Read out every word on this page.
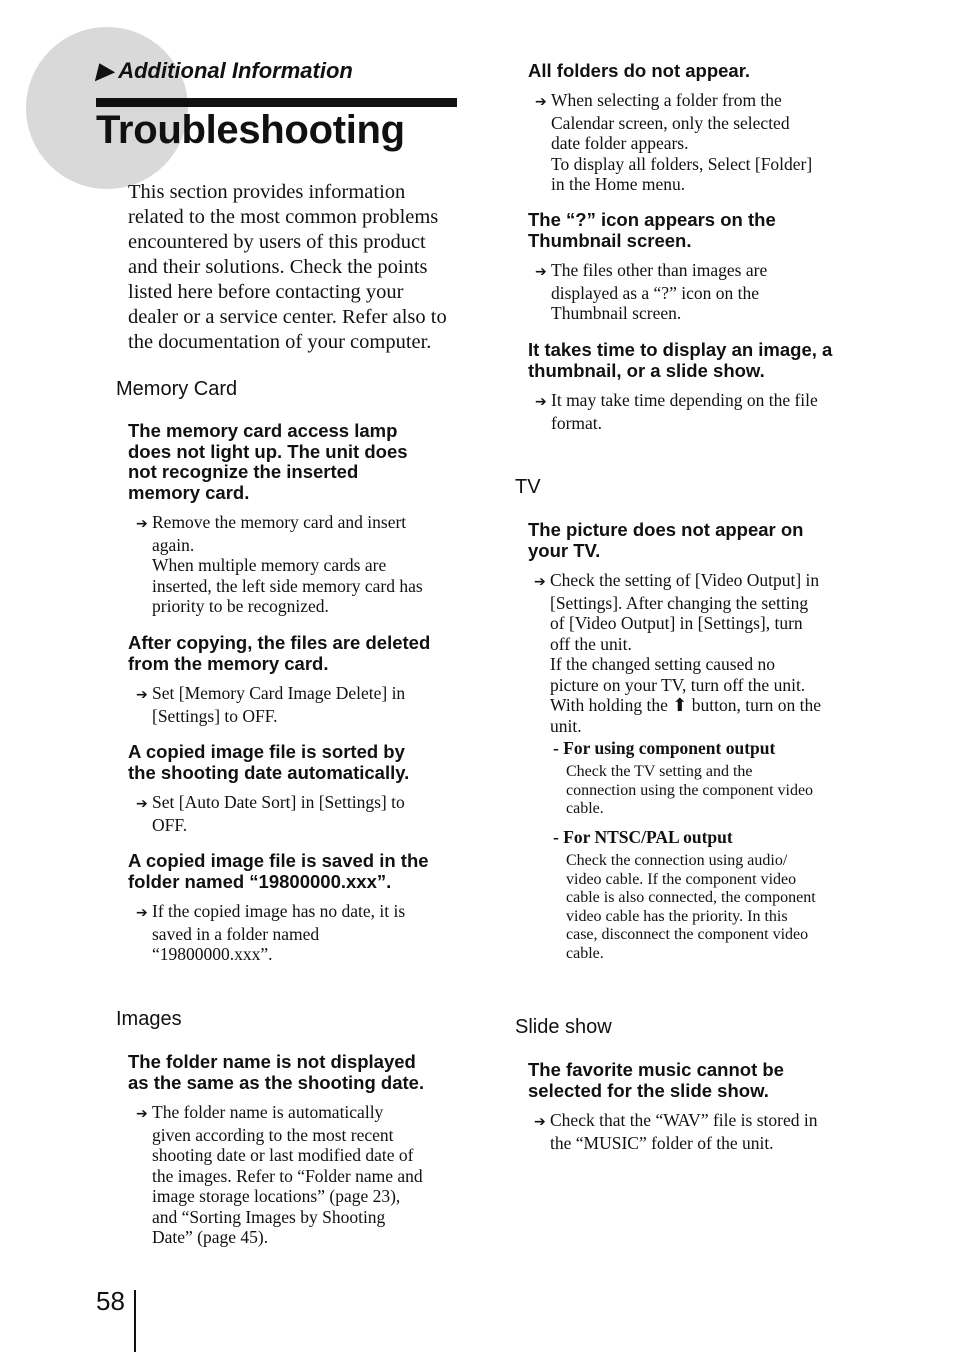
▶ Additional Information
Troubleshooting
This section provides information
related to the most common problems
encountered by users of this product
and their solutions. Check the points
listed here before contacting your
dealer or a service center. Refer also to
the documentation of your computer.
Memory Card
The memory card access lamp
does not light up. The unit does
not recognize the inserted
memory card.
➔ Remove the memory card and insert
again.
When multiple memory cards are
inserted, the left side memory card has
priority to be recognized.
After copying, the files are deleted
from the memory card.
➔ Set [Memory Card Image Delete] in
[Settings] to OFF.
A copied image file is sorted by
the shooting date automatically.
➔ Set [Auto Date Sort] in [Settings] to
OFF.
A copied image file is saved in the
folder named “19800000.xxx”.
➔ If the copied image has no date, it is
saved in a folder named
“19800000.xxx”.
Images
The folder name is not displayed
as the same as the shooting date.
➔ The folder name is automatically
given according to the most recent
shooting date or last modified date of
the images. Refer to “Folder name and
image storage locations” (page 23),
and “Sorting Images by Shooting
Date” (page 45).
All folders do not appear.
➔ When selecting a folder from the
Calendar screen, only the selected
date folder appears.
To display all folders, Select [Folder]
in the Home menu.
The “?” icon appears on the
Thumbnail screen.
➔ The files other than images are
displayed as a “?” icon on the
Thumbnail screen.
It takes time to display an image, a
thumbnail, or a slide show.
➔ It may take time depending on the file
format.
TV
The picture does not appear on
your TV.
➔ Check the setting of [Video Output] in
[Settings]. After changing the setting
of [Video Output] in [Settings], turn
off the unit.
If the changed setting caused no
picture on your TV, turn off the unit.
With holding the ⬆ button, turn on the
unit.
- For using component output
Check the TV setting and the
connection using the component video
cable.
- For NTSC/PAL output
Check the connection using audio/
video cable. If the component video
cable is also connected, the component
video cable has the priority. In this
case, disconnect the component video
cable.
Slide show
The favorite music cannot be
selected for the slide show.
➔ Check that the “WAV” file is stored in
the “MUSIC” folder of the unit.
58
